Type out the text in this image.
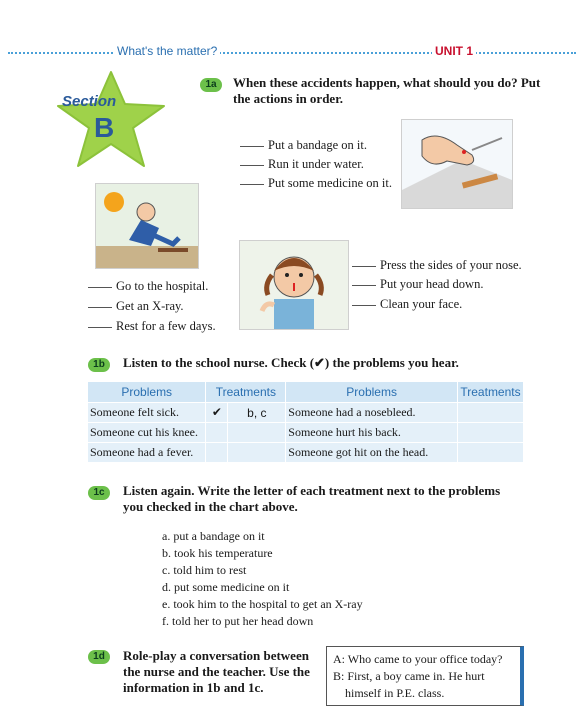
What's the matter?	UNIT 1
Section
B
1a	When these accidents happen, what should you do? Put the actions in order.
Put a bandage on it.
Run it under water.
Put some medicine on it.
Go to the hospital.
Get an X-ray.
Rest for a few days.
Press the sides of your nose.
Put your head down.
Clean your face.
1b	Listen to the school nurse. Check (✔) the problems you hear.
Problems	Treatments		Problems	Treatments
Someone felt sick.	✔	b, c	Someone had a nosebleed.	
Someone cut his knee.			Someone hurt his back.	
Someone had a fever.			Someone got hit on the head.	
1c	Listen again. Write the letter of each treatment next to the problems you checked in the chart above.
a. put a bandage on it
b. took his temperature
c. told him to rest
d. put some medicine on it
e. took him to the hospital to get an X-ray
f. told her to put her head down
1d	Role-play a conversation between the nurse and the teacher. Use the information in 1b and 1c.
A: Who came to your office today?
B: First, a boy came in. He hurt
himself in P.E. class.
